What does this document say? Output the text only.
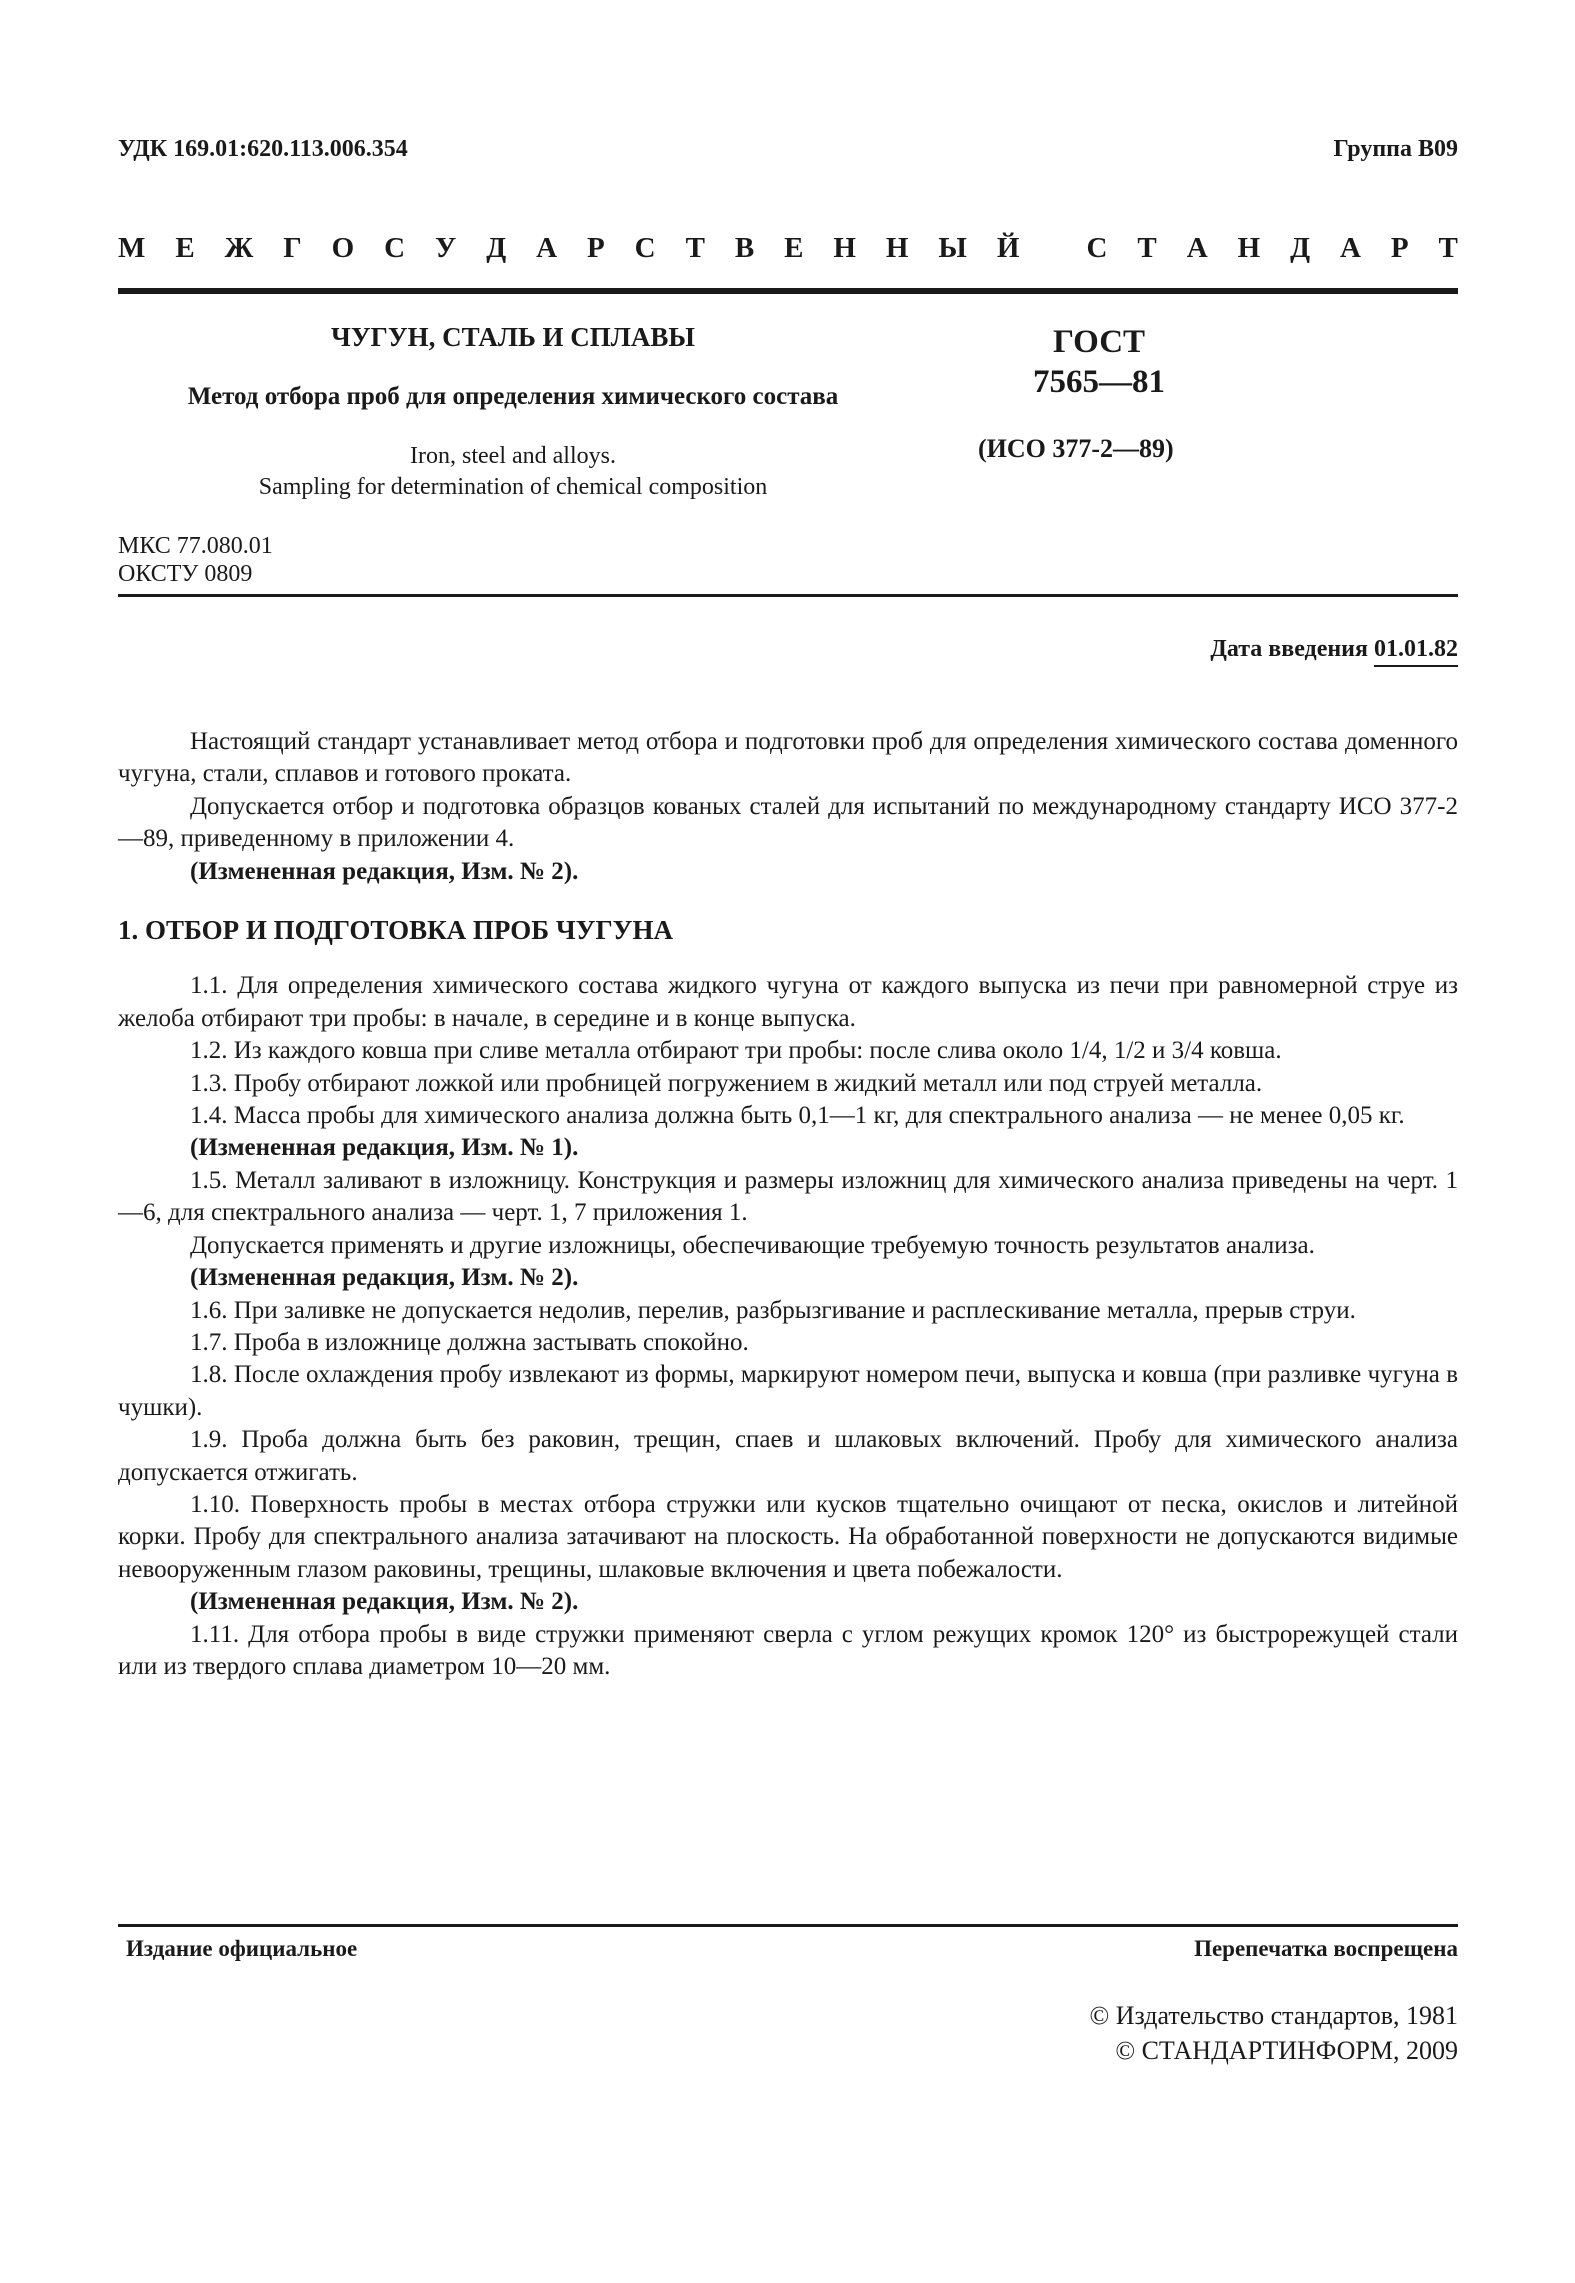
УДК 169.01:620.113.006.354	Группа В09
М Е Ж Г О С У Д А Р С Т В Е Н Н Ы Й
С Т А Н Д А Р Т
ЧУГУН, СТАЛЬ И СПЛАВЫ
Метод отбора проб для определения химического состава
Iron, steel and alloys.
Sampling for determination of chemical composition
ГОСТ
7565—81
(ИСО 377-2—89)
МКС 77.080.01
ОКСТУ 0809
Дата введения 01.01.82

Настоящий стандарт устанавливает метод отбора и подготовки проб для определения химического состава доменного чугуна, стали, сплавов и готового проката.

Допускается отбор и подготовка образцов кованых сталей для испытаний по международному стандарту ИСО 377-2—89, приведенному в приложении 4.

(Измененная редакция, Изм. № 2).

1. ОТБОР И ПОДГОТОВКА ПРОБ ЧУГУНА

1.1. Для определения химического состава жидкого чугуна от каждого выпуска из печи при равномерной струе из желоба отбирают три пробы: в начале, в середине и в конце выпуска.

1.2. Из каждого ковша при сливе металла отбирают три пробы: после слива около 1/4, 1/2 и 3/4 ковша.

1.3. Пробу отбирают ложкой или пробницей погружением в жидкий металл или под струей металла.

1.4. Масса пробы для химического анализа должна быть 0,1—1 кг, для спектрального анализа — не менее 0,05 кг.

(Измененная редакция, Изм. № 1).

1.5. Металл заливают в изложницу. Конструкция и размеры изложниц для химического анализа приведены на черт. 1—6, для спектрального анализа — черт. 1, 7 приложения 1.

Допускается применять и другие изложницы, обеспечивающие требуемую точность результатов анализа.

(Измененная редакция, Изм. № 2).

1.6. При заливке не допускается недолив, перелив, разбрызгивание и расплескивание металла, прерыв струи.

1.7. Проба в изложнице должна застывать спокойно.

1.8. После охлаждения пробу извлекают из формы, маркируют номером печи, выпуска и ковша (при разливке чугуна в чушки).

1.9. Проба должна быть без раковин, трещин, спаев и шлаковых включений. Пробу для химического анализа допускается отжигать.

1.10. Поверхность пробы в местах отбора стружки или кусков тщательно очищают от песка, окислов и литейной корки. Пробу для спектрального анализа затачивают на плоскость. На обработанной поверхности не допускаются видимые невооруженным глазом раковины, трещины, шлаковые включения и цвета побежалости.

(Измененная редакция, Изм. № 2).

1.11. Для отбора пробы в виде стружки применяют сверла с углом режущих кромок 120° из быстрорежущей стали или из твердого сплава диаметром 10—20 мм.

Издание официальное	Перепечатка воспрещена
© Издательство стандартов, 1981
© СТАНДАРТИНФОРМ, 2009
